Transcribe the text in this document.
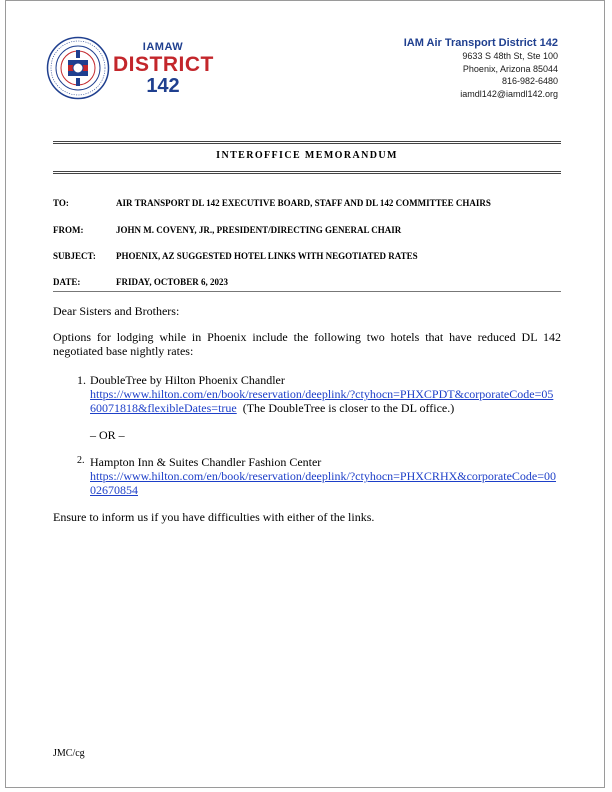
IAMAW
DISTRICT
142
IAM Air Transport District 142
9633 S 48th St, Ste 100
Phoenix, Arizona 85044
816-982-6480
iamdl142@iamdl142.org
INTEROFFICE MEMORANDUM
TO:	AIR TRANSPORT DL 142 EXECUTIVE BOARD, STAFF AND DL 142 COMMITTEE CHAIRS
FROM:	JOHN M. COVENY, JR., PRESIDENT/DIRECTING GENERAL CHAIR
SUBJECT:	PHOENIX, AZ SUGGESTED HOTEL LINKS WITH NEGOTIATED RATES
DATE:	FRIDAY, OCTOBER 6, 2023
Dear Sisters and Brothers:
Options for lodging while in Phoenix include the following two hotels that have reduced DL 142 negotiated base nightly rates:
1. DoubleTree by Hilton Phoenix Chandler
https://www.hilton.com/en/book/reservation/deeplink/?ctyhocn=PHXCPDT&corporateCode=05
60071818&flexibleDates=true (The DoubleTree is closer to the DL office.)
– OR –
2. Hampton Inn & Suites Chandler Fashion Center
https://www.hilton.com/en/book/reservation/deeplink/?ctyhocn=PHXCRHX&corporateCode=00
02670854
Ensure to inform us if you have difficulties with either of the links.
JMC/cg
